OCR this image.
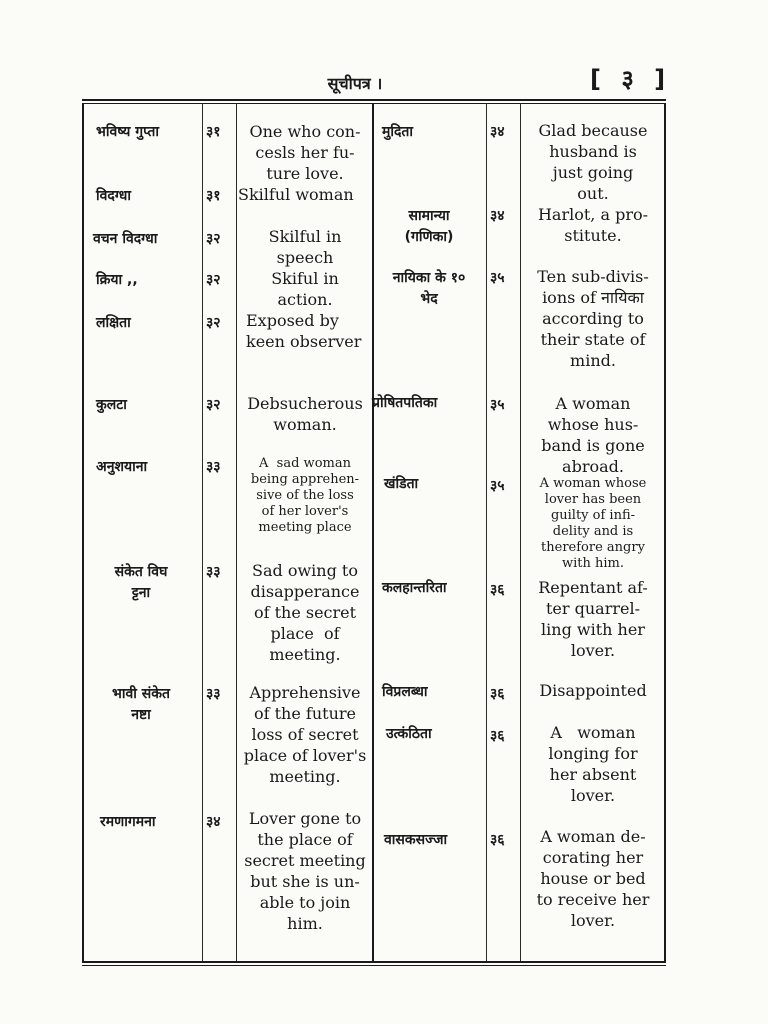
सूचीपत्र ।	[ ३ ]
भविष्य गुप्ता	३१	One who con-
cesls her fu-
ture love.
विदग्धा	३१ Skilful woman
वचन विदग्धा	३२	Skilful in
speech
क्रिया ,,	३२	Skiful in
action.
लक्षिता	३२ Exposed by
keen observer
कुलटा	३२	Debsucherous
woman.
अनुशयाना	३३	A  sad woman
being apprehen-
sive of the loss
of her lover's
meeting place
संकेत विघ
ट्टना
३३	Sad owing to
disapperance
of the secret
place  of
meeting.
भावी संकेत
नष्टा
३३	Apprehensive
of the future
loss of secret
place of lover's
meeting.
रमणागमना	३४	Lover gone to
the place of
secret meeting
but she is un-
able to join
him.
मुदिता	३४	Glad because
husband is
just going
out.
सामान्या
(गणिका)
३४	Harlot, a pro-
stitute.
नायिका के १०
भेद
३५	Ten sub-divis-
ions of नायिका
according to
their state of
mind.
प्रोषितपतिका	३५	A woman
whose hus-
band is gone
abroad.
खंडिता	३५	A woman whose
lover has been
guilty of infi-
delity and is
therefore angry
with him.
कलहान्तरिता	३६	Repentant af-
ter quarrel-
ling with her
lover.
विप्रलब्धा	३६	Disappointed
उत्कंठिता	३६	A   woman
longing for
her absent
lover.
वासकसज्जा	३६	A woman de-
corating her
house or bed
to receive her
lover.
